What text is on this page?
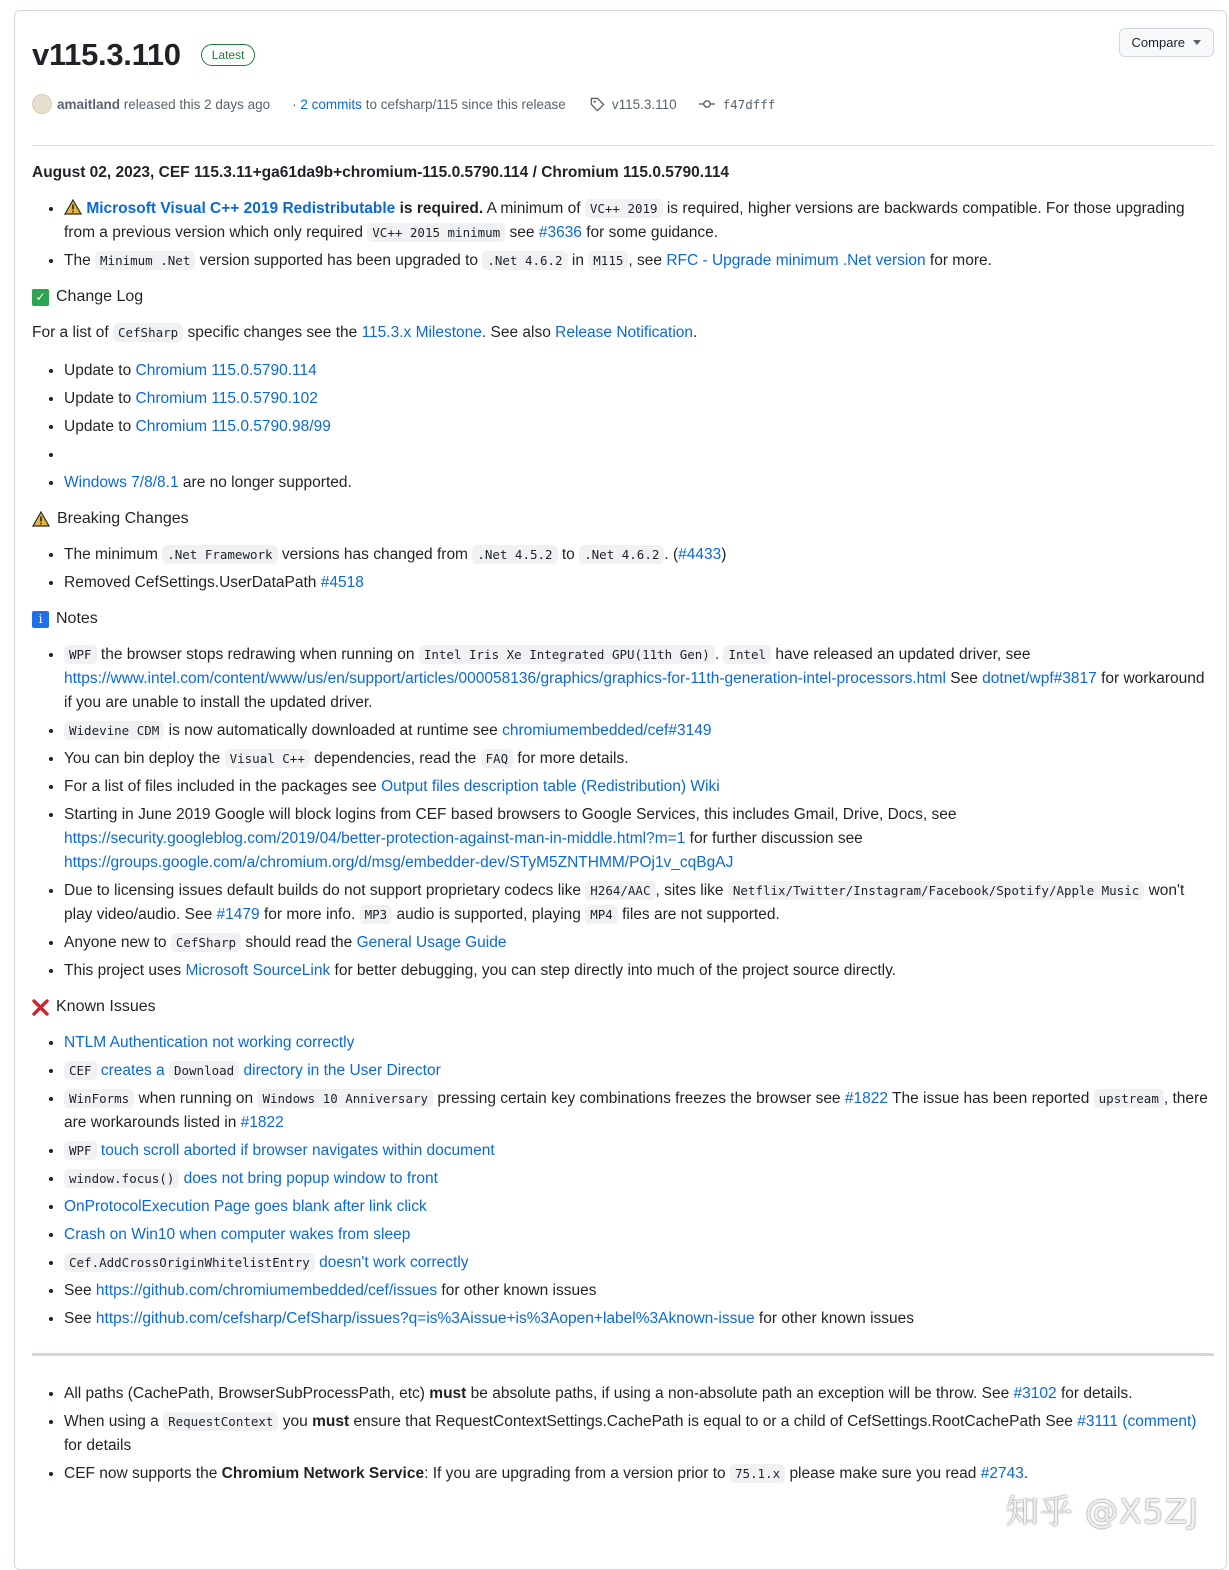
v115.3.110	Latest
Compare
amaitland
released this 2 days ago · 2 commits
to cefsharp/115 since this release	v115.3.110	f47dfff

August 02, 2023, CEF 115.3.11+ga61da9b+chromium-115.0.5790.114 / Chromium 115.0.5790.114

• Microsoft Visual C++ 2019 Redistributable is required. A minimum of VC++ 2019 is required, higher versions are backwards compatible. For those upgrading from a previous version which only required VC++ 2015 minimum see #3636 for some guidance.
• The Minimum .Net version supported has been upgraded to .Net 4.6.2 in M115 , see RFC - Upgrade minimum .Net version for more.
✓ Change Log

For a list of CefSharp specific changes see the 115.3.x Milestone. See also Release Notification.

• Update to Chromium 115.0.5790.114
• Update to Chromium 115.0.5790.102
• Update to Chromium 115.0.5790.98/99
•
• Windows 7/8/8.1 are no longer supported.
Breaking Changes
• The minimum .Net Framework versions has changed from .Net 4.5.2 to .Net 4.6.2 . (#4433)
• Removed CefSettings.UserDataPath #4518
i Notes
• WPF the browser stops redrawing when running on Intel Iris Xe Integrated GPU(11th Gen) . Intel have released an updated driver, see https://www.intel.com/content/www/us/en/support/articles/000058136/graphics/graphics-for-11th-generation-intel-processors.html See dotnet/wpf#3817 for workaround if you are unable to install the updated driver.
• Widevine CDM is now automatically downloaded at runtime see chromiumembedded/cef#3149
• You can bin deploy the Visual C++ dependencies, read the FAQ for more details.
• For a list of files included in the packages see Output files description table (Redistribution) Wiki
• Starting in June 2019 Google will block logins from CEF based browsers to Google Services, this includes Gmail, Drive, Docs, see https://security.googleblog.com/2019/04/better-protection-against-man-in-middle.html?m=1 for further discussion see https://groups.google.com/a/chromium.org/d/msg/embedder-dev/STyM5ZNTHMM/POj1v_cqBgAJ
• Due to licensing issues default builds do not support proprietary codecs like H264/AAC , sites like Netflix/Twitter/Instagram/Facebook/Spotify/Apple Music won't play video/audio. See #1479 for more info. MP3 audio is supported, playing MP4 files are not supported.
• Anyone new to CefSharp should read the General Usage Guide
• This project uses Microsoft SourceLink for better debugging, you can step directly into much of the project source directly.
Known Issues
• NTLM Authentication not working correctly
• CEF creates a Download directory in the User Director
• WinForms when running on Windows 10 Anniversary pressing certain key combinations freezes the browser see #1822 The issue has been reported upstream , there are workarounds listed in #1822
• WPF touch scroll aborted if browser navigates within document
• window.focus() does not bring popup window to front
• OnProtocolExecution Page goes blank after link click
• Crash on Win10 when computer wakes from sleep
• Cef.AddCrossOriginWhitelistEntry doesn't work correctly
• See https://github.com/chromiumembedded/cef/issues for other known issues
• See https://github.com/cefsharp/CefSharp/issues?q=is%3Aissue+is%3Aopen+label%3Aknown-issue for other known issues
• All paths (CachePath, BrowserSubProcessPath, etc) must be absolute paths, if using a non-absolute path an exception will be throw. See #3102 for details.
• When using a RequestContext you must ensure that RequestContextSettings.CachePath is equal to or a child of CefSettings.RootCachePath See #3111 (comment) for details
• CEF now supports the Chromium Network Service: If you are upgrading from a version prior to 75.1.x please make sure you read #2743.
知乎 @X5ZJ
